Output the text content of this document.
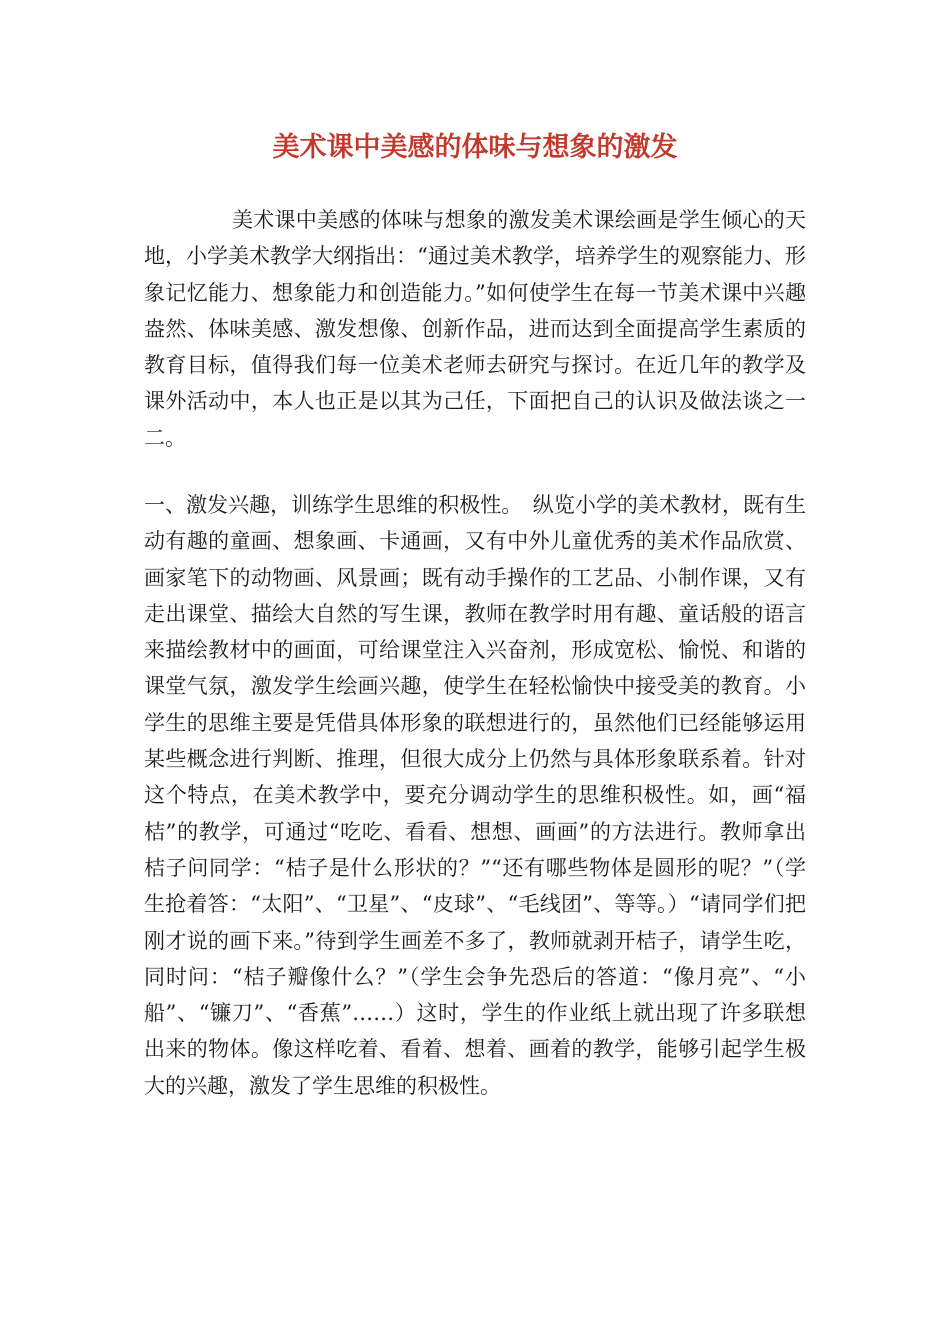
美术课中美感的体味与想象的激发

美术课中美感的体味与想象的激发美术课绘画是学生倾心的天地，小学美术教学大纲指出：“通过美术教学，培养学生的观察能力、形象记忆能力、想象能力和创造能力。”如何使学生在每一节美术课中兴趣盎然、体味美感、激发想像、创新作品，进而达到全面提高学生素质的教育目标，值得我们每一位美术老师去研究与探讨。在近几年的教学及课外活动中，本人也正是以其为己任，下面把自己的认识及做法谈之一二。

一、激发兴趣，训练学生思维的积极性。　纵览小学的美术教材，既有生动有趣的童画、想象画、卡通画，又有中外儿童优秀的美术作品欣赏、画家笔下的动物画、风景画；既有动手操作的工艺品、小制作课，又有走出课堂、描绘大自然的写生课，教师在教学时用有趣、童话般的语言来描绘教材中的画面，可给课堂注入兴奋剂，形成宽松、愉悦、和谐的课堂气氛，激发学生绘画兴趣，使学生在轻松愉快中接受美的教育。小学生的思维主要是凭借具体形象的联想进行的，虽然他们已经能够运用某些概念进行判断、推理，但很大成分上仍然与具体形象联系着。针对这个特点，在美术教学中，要充分调动学生的思维积极性。如，画“福桔”的教学，可通过“吃吃、看看、想想、画画”的方法进行。教师拿出桔子问同学：“桔子是什么形状的？”“还有哪些物体是圆形的呢？”（学生抢着答：“太阳”、“卫星”、“皮球”、“毛线团”、等等。）“请同学们把刚才说的画下来。”待到学生画差不多了，教师就剥开桔子，请学生吃，同时问：“桔子瓣像什么？”（学生会争先恐后的答道：“像月亮”、“小船”、“镰刀”、“香蕉”……）这时，学生的作业纸上就出现了许多联想出来的物体。像这样吃着、看着、想着、画着的教学，能够引起学生极大的兴趣，激发了学生思维的积极性。
